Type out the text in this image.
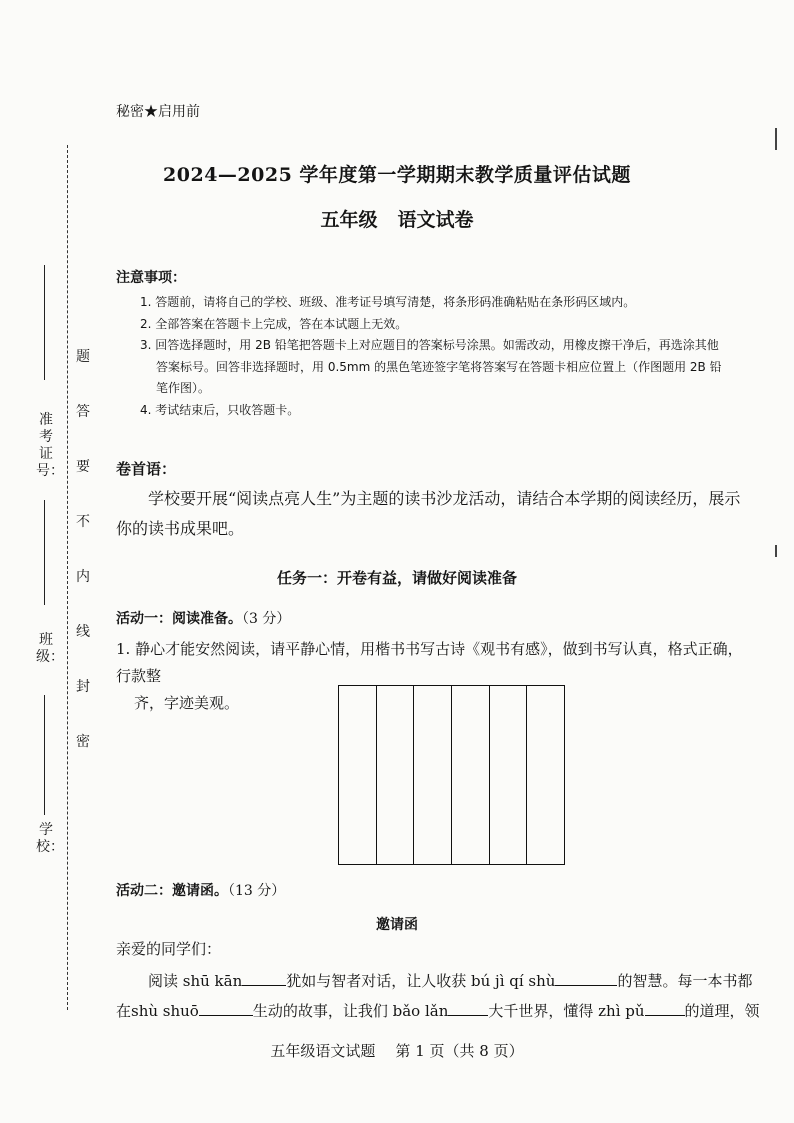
题
答
要
不
内
线
封
密
准考证号：
班级：
学校：
秘密★启用前
2024—2025 学年度第一学期期末教学质量评估试题
五年级 语文试卷
注意事项：

1. 答题前，请将自己的学校、班级、准考证号填写清楚，将条形码准确粘贴在条形码区域内。

2. 全部答案在答题卡上完成，答在本试题上无效。

3. 回答选择题时，用 2B 铅笔把答题卡上对应题目的答案标号涂黑。如需改动，用橡皮擦干净后，再选涂其他

答案标号。回答非选择题时，用 0.5mm 的黑色笔迹签字笔将答案写在答题卡相应位置上（作图题用 2B 铅

笔作图）。

4. 考试结束后，只收答题卡。

卷首语：
学校要开展“阅读点亮人生”为主题的读书沙龙活动，请结合本学期的阅读经历，展示你的读书成果吧。
任务一：开卷有益，请做好阅读准备
活动一：阅读准备。（3 分）
1. 静心才能安然阅读，请平静心情，用楷书书写古诗《观书有感》，做到书写认真，格式正确，行款整
齐，字迹美观。
活动二：邀请函。（13 分）
邀请函
亲爱的同学们：
阅读 shū kān	犹如与智者对话，让人收获 bú jì qí shù	的智慧。每一本书都
在shù shuō	生动的故事，让我们 bǎo lǎn	大千世界，懂得 zhì pǔ	的道理，领
五年级语文试题 第 1 页（共 8 页）
